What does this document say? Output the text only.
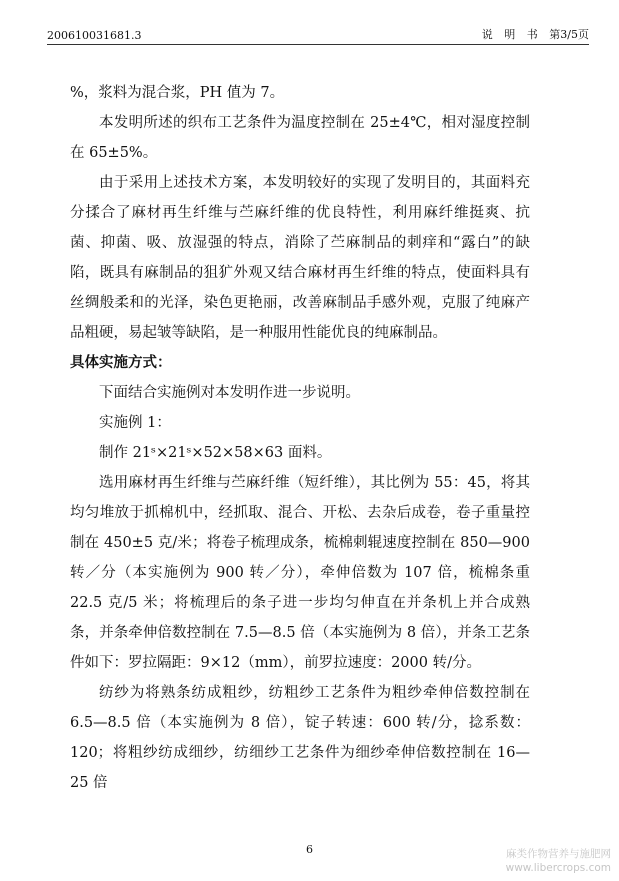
200610031681.3	说 明 书 第3/5页

%，浆料为混合浆，PH 值为 7。

本发明所述的织布工艺条件为温度控制在 25±4℃，相对湿度控制在 65±5%。

由于采用上述技术方案，本发明较好的实现了发明目的，其面料充分揉合了麻材再生纤维与苎麻纤维的优良特性，利用麻纤维挺爽、抗菌、抑菌、吸、放湿强的特点，消除了苎麻制品的刺痒和“露白”的缺陷，既具有麻制品的狙犷外观又结合麻材再生纤维的特点，使面料具有丝绸般柔和的光泽，染色更艳丽，改善麻制品手感外观，克服了纯麻产品粗硬，易起皱等缺陷，是一种服用性能优良的纯麻制品。

具体实施方式：

下面结合实施例对本发明作进一步说明。

实施例 1：

制作 21ˢ×21ˢ×52×58×63 面料。

选用麻材再生纤维与苎麻纤维（短纤维），其比例为 55：45，将其均匀堆放于抓棉机中，经抓取、混合、开松、去杂后成卷，卷子重量控制在 450±5 克/米；将卷子梳理成条，梳棉刺辊速度控制在 850—900 转／分（本实施例为 900 转／分），牵伸倍数为 107 倍，梳棉条重 22.5 克/5 米；将梳理后的条子进一步均匀伸直在并条机上并合成熟条，并条牵伸倍数控制在 7.5—8.5 倍（本实施例为 8 倍），并条工艺条件如下：罗拉隔距：9×12（mm），前罗拉速度：2000 转/分。

纺纱为将熟条纺成粗纱，纺粗纱工艺条件为粗纱牵伸倍数控制在 6.5—8.5 倍（本实施例为 8 倍），锭子转速：600 转/分，捻系数：120；将粗纱纺成细纱，纺细纱工艺条件为细纱牵伸倍数控制在 16—25 倍

6	麻类作物营养与施肥网
www.libercrops.com
